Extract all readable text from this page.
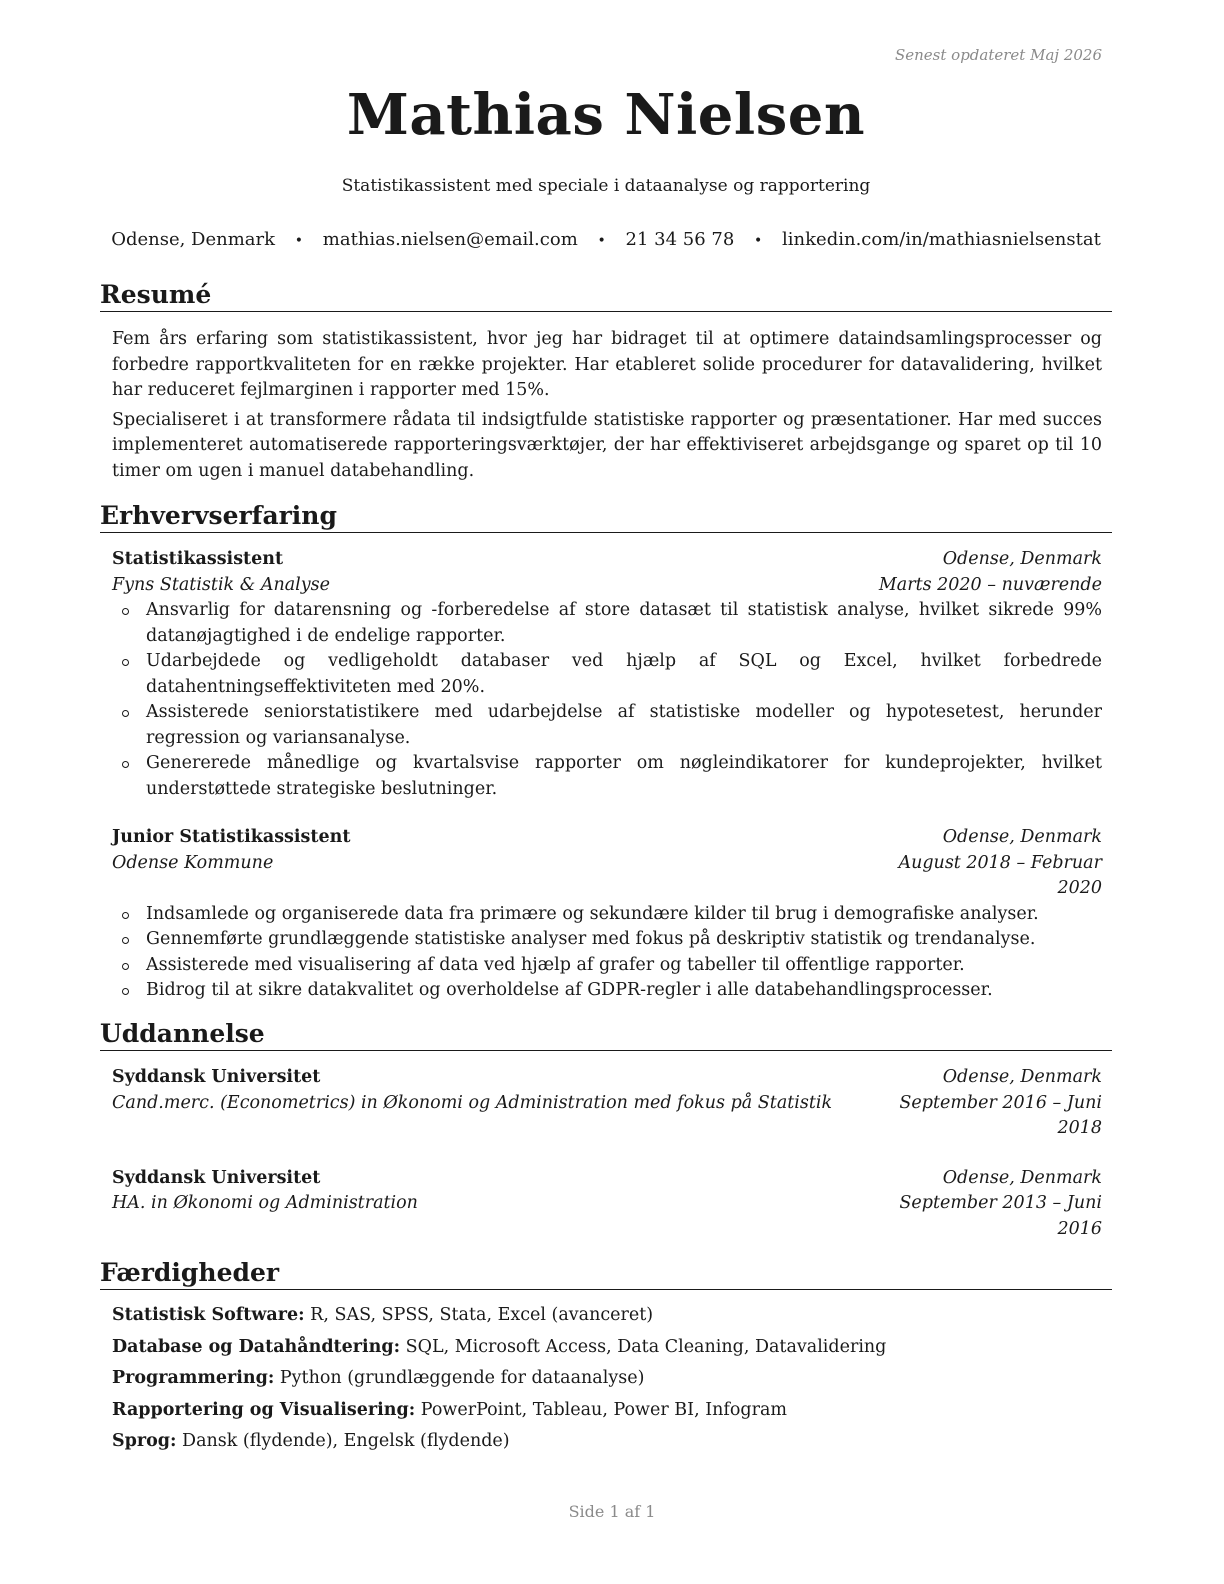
Senest opdateret Maj 2026
Mathias Nielsen
Statistikassistent med speciale i dataanalyse og rapportering
Odense, Denmark • mathias.nielsen@email.com • 21 34 56 78 • linkedin.com/in/mathiasnielsenstat
Resumé
Fem års erfaring som statistikassistent, hvor jeg har bidraget til at optimere dataindsamlingsprocesser og forbedre rapportkvaliteten for en række projekter. Har etableret solide procedurer for datavalidering, hvilket har reduceret fejlmarginen i rapporter med 15%.
Specialiseret i at transformere rådata til indsigtfulde statistiske rapporter og præsentationer. Har med succes implementeret automatiserede rapporteringsværktøjer, der har effektiviseret arbejdsgange og sparet op til 10 timer om ugen i manuel databehandling.
Erhvervserfaring
Statistikassistent	Odense, Denmark
Fyns Statistik & Analyse	Marts 2020 – nuværende
Ansvarlig for datarensning og -forberedelse af store datasæt til statistisk analyse, hvilket sikrede 99% datanøjagtighed i de endelige rapporter.
Udarbejdede og vedligeholdt databaser ved hjælp af SQL og Excel, hvilket forbedrede datahentningseffektiviteten med 20%.
Assisterede seniorstatistikere med udarbejdelse af statistiske modeller og hypotesetest, herunder regression og variansanalyse.
Genererede månedlige og kvartalsvise rapporter om nøgleindikatorer for kundeprojekter, hvilket understøttede strategiske beslutninger.
Junior Statistikassistent	Odense, Denmark
Odense Kommune	August 2018 – Februar 2020
Indsamlede og organiserede data fra primære og sekundære kilder til brug i demografiske analyser.
Gennemførte grundlæggende statistiske analyser med fokus på deskriptiv statistik og trendanalyse.
Assisterede med visualisering af data ved hjælp af grafer og tabeller til offentlige rapporter.
Bidrog til at sikre datakvalitet og overholdelse af GDPR-regler i alle databehandlingsprocesser.
Uddannelse
Syddansk Universitet	Odense, Denmark
Cand.merc. (Econometrics) in Økonomi og Administration med fokus på Statistik	September 2016 – Juni 2018
Syddansk Universitet	Odense, Denmark
HA. in Økonomi og Administration	September 2013 – Juni 2016
Færdigheder
Statistisk Software: R, SAS, SPSS, Stata, Excel (avanceret)
Database og Datahåndtering: SQL, Microsoft Access, Data Cleaning, Datavalidering
Programmering: Python (grundlæggende for dataanalyse)
Rapportering og Visualisering: PowerPoint, Tableau, Power BI, Infogram
Sprog: Dansk (flydende), Engelsk (flydende)
Side 1 af 1
